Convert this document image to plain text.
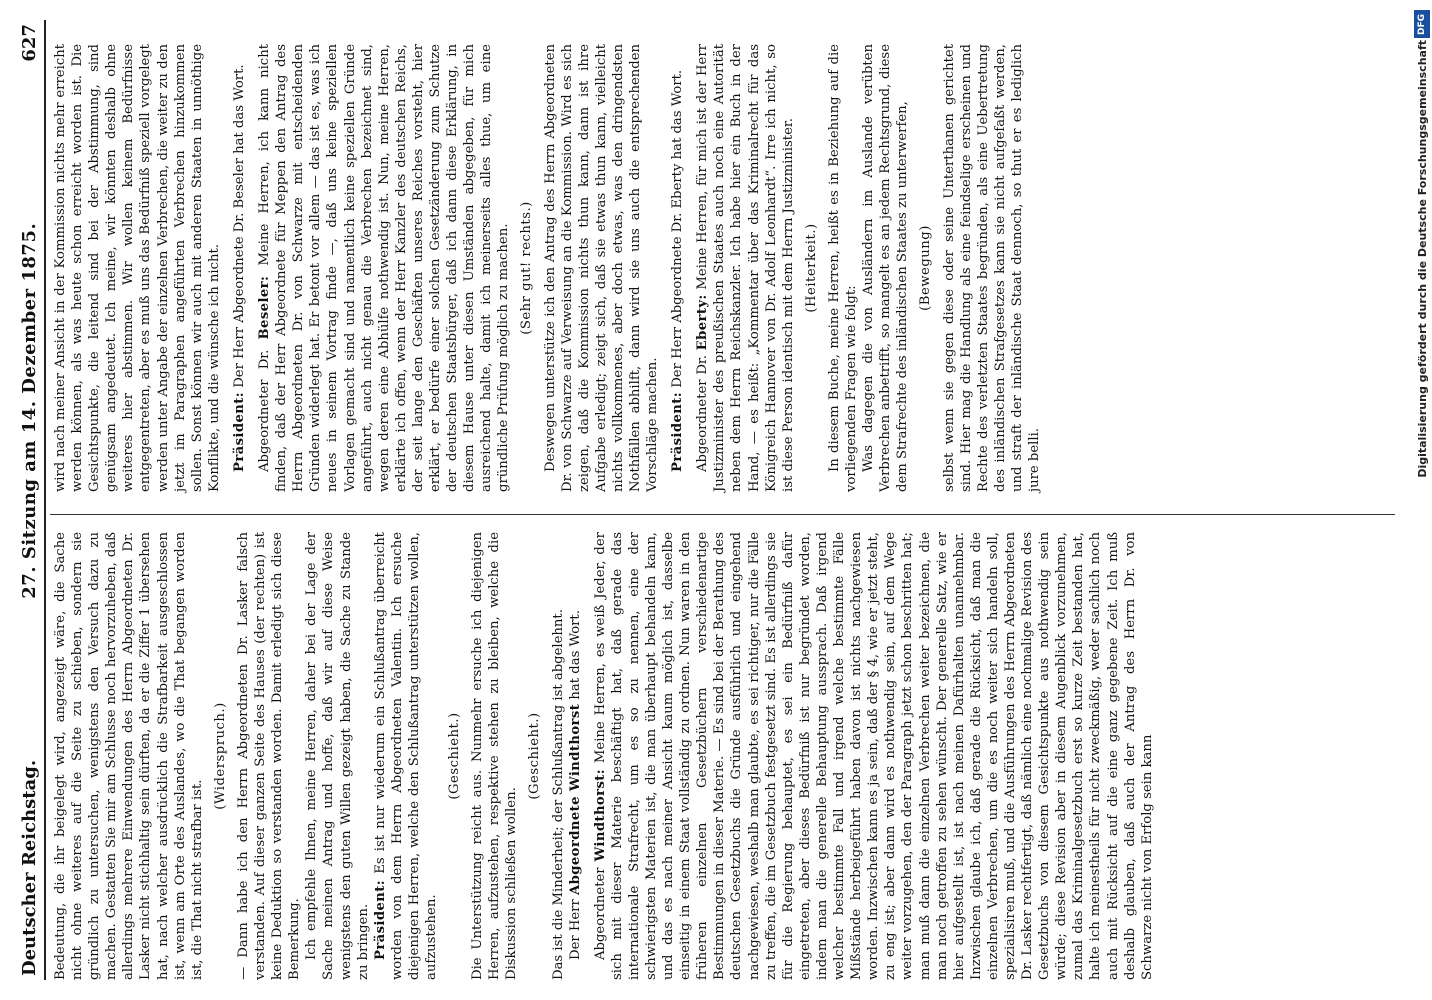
Deutscher Reichstag.
27. Sitzung am 14. Dezember 1875.
627

Bedeutung, die ihr beigelegt wird, angezeigt wäre, die Sache nicht ohne weiteres auf die Seite zu schieben, sondern sie gründlich zu untersuchen, wenigstens den Versuch dazu zu machen. Gestatten Sie mir am Schlusse noch hervorzuheben, daß allerdings mehrere Einwendungen des Herrn Abgeordneten Dr. Lasker nicht stichhaltig sein dürften, da er die Ziffer 1 übersehen hat, nach welcher ausdrücklich die Strafbarkeit ausgeschlossen ist, wenn am Orte des Auslandes, wo die That begangen worden ist, die That nicht strafbar ist.

(Widerspruch.) — Dann habe ich den Herrn Abgeordneten Dr. Lasker falsch verstanden. Auf dieser ganzen Seite des Hauses (der rechten) ist keine Deduktion so verstanden worden. Damit erledigt sich diese Bemerkung. Ich empfehle Ihnen, meine Herren, daher bei der Lage der Sache meinen Antrag und hoffe, daß wir auf diese Weise wenigstens den guten Willen gezeigt haben, die Sache zu Stande zu bringen. Präsident: Es ist nur wiederum ein Schlußantrag überreicht worden von dem Herrn Abgeordneten Valentin. Ich ersuche diejenigen Herren, welche den Schlußantrag unterstützen wollen, aufzustehen.

(Geschieht.) Die Unterstützung reicht aus. Nunmehr ersuche ich diejenigen Herren, aufzustehen, respektive stehen zu bleiben, welche die Diskussion schließen wollen.

(Geschieht.) Das ist die Minderheit; der Schlußantrag ist abgelehnt. Der Herr Abgeordnete Windthorst hat das Wort.

Abgeordneter Windthorst: Meine Herren, es weiß Jeder, der sich mit dieser Materie beschäftigt hat, daß gerade das internationale Strafrecht, um es so zu nennen, eine der schwierigsten Materien ist, die man überhaupt behandeln kann, und das es nach meiner Ansicht kaum möglich ist, dasselbe einseitig in einem Staat vollständig zu ordnen. Nun waren in den früheren einzelnen Gesetzbüchern verschiedenartige Bestimmungen in dieser Materie. — Es sind bei der Berathung des deutschen Gesetzbuchs die Gründe ausführlich und eingehend nachgewiesen, weshalb man glaubte, es sei richtiger, nur die Fälle zu treffen, die im Gesetzbuch festgesetzt sind. Es ist allerdings sie für die Regierung behauptet, es sei ein Bedürfniß dafür eingetreten, aber dieses Bedürfniß ist nur begründet worden, indem man die generelle Behauptung aussprach. Daß irgend welcher bestimmte Fall und irgend welche bestimmte Fälle Mißstände herbeigeführt haben davon ist nichts nachgewiesen worden. Inzwischen kann es ja sein, daß der § 4, wie er jetzt steht, zu eng ist; aber dann wird es nothwendig sein, auf dem Wege weiter vorzugehen, den der Paragraph jetzt schon beschritten hat; man muß dann die einzelnen Verbrechen weiter bezeichnen, die man noch getroffen zu sehen wünscht. Der generelle Satz, wie er hier aufgestellt ist, ist nach meinen Dafürhalten unannehmbar. Inzwischen glaube ich, daß gerade die Rücksicht, daß man die einzelnen Verbrechen, um die es noch weiter sich handeln soll, spezialisiren muß, und die Ausführungen des Herrn Abgeordneten Dr. Lasker rechtfertigt, daß nämlich eine nochmalige Revision des Gesetzbuchs von diesem Gesichtspunkte aus nothwendig sein würde; diese Revision aber in diesem Augenblick vorzunehmen, zumal das Kriminalgesetzbuch erst so kurze Zeit bestanden hat, halte ich meinestheils für nicht zweckmäßig, weder sachlich noch auch mit Rücksicht auf die eine ganz gegebene Zeit. Ich muß deshalb glauben, daß auch der Antrag des Herrn Dr. von Schwarze nicht von Erfolg sein kann

wird nach meiner Ansicht in der Kommission nichts mehr erreicht werden können, als was heute schon erreicht worden ist. Die Gesichtspunkte, die leitend sind bei der Abstimmung, sind genügsam angedeutet. Ich meine, wir könnten deshalb ohne weiteres hier abstimmen. Wir wollen keinem Bedürfnisse entgegentreten, aber es muß uns das Bedürfniß speziell vorgelegt werden unter Angabe der einzelnen Verbrechen, die weiter zu den jetzt im Paragraphen angeführten Verbrechen hinzukommen sollen. Sonst können wir auch mit anderen Staaten in unnöthige Konflikte, und die wünsche ich nicht. Präsident: Der Herr Abgeordnete Dr. Beseler hat das Wort.

Abgeordneter Dr. Beseler: Meine Herren, ich kann nicht finden, daß der Herr Abgeordnete für Meppen den Antrag des Herrn Abgeordneten Dr. von Schwarze mit entscheidenden Gründen widerlegt hat. Er betont vor allem — das ist es, was ich neues in seinem Vortrag finde —, daß uns keine speziellen Vorlagen gemacht sind und namentlich keine speziellen Gründe angeführt, auch nicht genau die Verbrechen bezeichnet sind, wegen deren eine Abhülfe nothwendig ist. Nun, meine Herren, erklärte ich offen, wenn der Herr Kanzler des deutschen Reichs, der seit lange den Geschäften unseres Reiches vorsteht, hier erklärt, er bedürfe einer solchen Gesetzänderung zum Schutze der deutschen Staatsbürger, daß ich dann diese Erklärung, in diesem Hause unter diesen Umständen abgegeben, für mich ausreichend halte, damit ich meinerseits alles thue, um eine gründliche Prüfung möglich zu machen. (Sehr gut! rechts.) Deswegen unterstütze ich den Antrag des Herrn Abgeordneten Dr. von Schwarze auf Verweisung an die Kommission. Wird es sich zeigen, daß die Kommission nichts thun kann, dann ist ihre Aufgabe erledigt; zeigt sich, daß sie etwas thun kann, vielleicht nichts vollkommenes, aber doch etwas, was den dringendsten Nothfällen abhilft, dann wird sie uns auch die entsprechenden Vorschläge machen. Präsident: Der Herr Abgeordnete Dr. Eberty hat das Wort.

Abgeordneter Dr. Eberty: Meine Herren, für mich ist der Herr Justizminister des preußischen Staates auch noch eine Autorität neben dem Herrn Reichskanzler. Ich habe hier ein Buch in der Hand, — es heißt: „Kommentar über das Kriminalrecht für das Königreich Hannover von Dr. Adolf Leonhardt“. Irre ich nicht, so ist diese Person identisch mit dem Herrn Justizminister. (Heiterkeit.) In diesem Buche, meine Herren, heißt es in Beziehung auf die vorliegenden Fragen wie folgt: Was dagegen die von Ausländern im Auslande verübten Verbrechen anbetrifft, so mangelt es an jedem Rechtsgrund, diese dem Strafrechte des inländischen Staates zu unterwerfen, (Bewegung) selbst wenn sie gegen diese oder seine Unterthanen gerichtet sind. Hier mag die Handlung als eine feindselige erscheinen und Rechte des verletzten Staates begründen, als eine Uebertretung des inländischen Strafgesetzes kann sie nicht aufgefaßt werden, und straft der inländische Staat dennoch, so thut er es lediglich jure belli.

DFG
Digitalisierung gefördert durch die Deutsche Forschungsgemeinschaft
